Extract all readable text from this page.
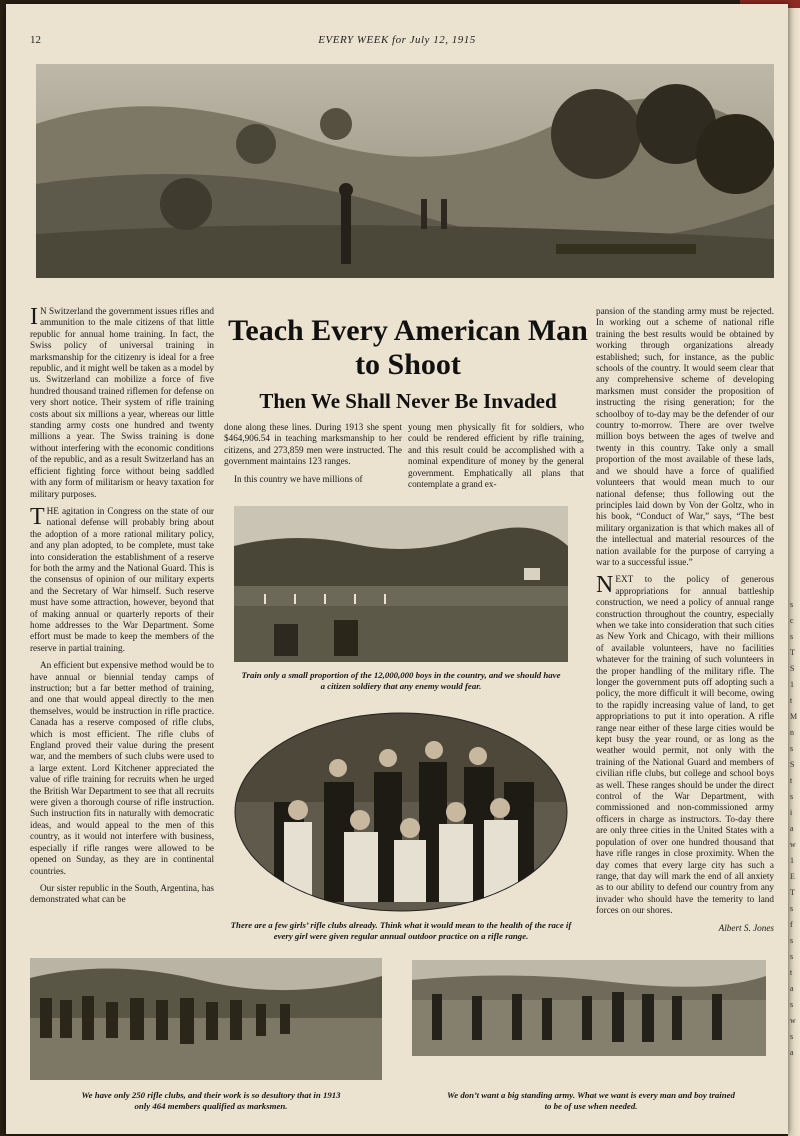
s
c
s
T
S
1
t
M
n
s
S
t
s
i
a
w
1
E
T
s
f
s
s
t
a
s
w
s
a
12	EVERY WEEK for July 12, 1915

I N Switzerland the government issues rifles and ammunition to the male citizens of that little republic for annual home training. In fact, the Swiss policy of universal training in marksmanship for the citizenry is ideal for a free republic, and it might well be taken as a model by us. Switzerland can mobilize a force of five hundred thousand trained riflemen for defense on very short notice. Their system of rifle training costs about six millions a year, whereas our little standing army costs one hundred and twenty millions a year. The Swiss training is done without interfering with the economic conditions of the republic, and as a result Switzerland has an efficient fighting force without being saddled with any form of militarism or heavy taxation for military purposes.

THE agitation in Congress on the state of our national defense will probably bring about the adoption of a more rational military policy, and any plan adopted, to be complete, must take into consideration the establishment of a reserve for both the army and the National Guard. This is the consensus of opinion of our military experts and the Secretary of War himself. Such reserve must have some attraction, however, beyond that of making annual or quarterly reports of their home addresses to the War Department. Some effort must be made to keep the members of the reserve in partial training.

An efficient but expensive method would be to have annual or biennial tenday camps of instruction; but a far better method of training, and one that would appeal directly to the men themselves, would be instruction in rifle practice. Canada has a reserve composed of rifle clubs, which is most efficient. The rifle clubs of England proved their value during the present war, and the members of such clubs were used to a large extent. Lord Kitchener appreciated the value of rifle training for recruits when he urged the British War Department to see that all recruits were given a thorough course of rifle instruction. Such instruction fits in naturally with democratic ideas, and would appeal to the men of this country, as it would not interfere with business, especially if rifle ranges were allowed to be opened on Sunday, as they are in continental countries.

Our sister republic in the South, Argentina, has demonstrated what can be

Teach Every American Man to Shoot
Then We Shall Never Be Invaded

done along these lines. During 1913 she spent $464,906.54 in teaching marksmanship to her citizens, and 273,859 men were instructed. The government maintains 123 ranges.

In this country we have millions of

young men physically fit for soldiers, who could be rendered efficient by rifle training, and this result could be accomplished with a nominal expenditure of money by the general government. Emphatically all plans that contemplate a grand ex-

Train only a small proportion of the 12,000,000 boys in the country, and we should have a citizen soldiery that any enemy would fear.
There are a few girls’ rifle clubs already. Think what it would mean to the health of the race if every girl were given regular annual outdoor practice on a rifle range.

pansion of the standing army must be rejected. In working out a scheme of national rifle training the best results would be obtained by working through organizations already established; such, for instance, as the public schools of the country. It would seem clear that any comprehensive scheme of developing marksmen must consider the proposition of instructing the rising generation; for the schoolboy of to-day may be the defender of our country to-morrow. There are over twelve million boys between the ages of twelve and twenty in this country. Take only a small proportion of the most available of these lads, and we should have a force of qualified volunteers that would mean much to our national defense; thus following out the principles laid down by Von der Goltz, who in his book, “Conduct of War,” says, “The best military organization is that which makes all of the intellectual and material resources of the nation available for the purpose of carrying a war to a successful issue.”

NEXT to the policy of generous appropriations for annual battleship construction, we need a policy of annual range construction throughout the country, especially when we take into consideration that such cities as New York and Chicago, with their millions of available volunteers, have no facilities whatever for the training of such volunteers in the proper handling of the military rifle. The longer the government puts off adopting such a policy, the more difficult it will become, owing to the rapidly increasing value of land, to get appropriations to put it into operation. A rifle range near either of these large cities would be kept busy the year round, or as long as the weather would permit, not only with the training of the National Guard and members of civilian rifle clubs, but college and school boys as well. These ranges should be under the direct control of the War Department, with commissioned and non-commissioned army officers in charge as instructors. To-day there are only three cities in the United States with a population of over one hundred thousand that have rifle ranges in close proximity. When the day comes that every large city has such a range, that day will mark the end of all anxiety as to our ability to defend our country from any invader who should have the temerity to land forces on our shores.

Albert S. Jones
We have only 250 rifle clubs, and their work is so desultory that in 1913 only 464 members qualified as marksmen.
We don’t want a big standing army. What we want is every man and boy trained to be of use when needed.
